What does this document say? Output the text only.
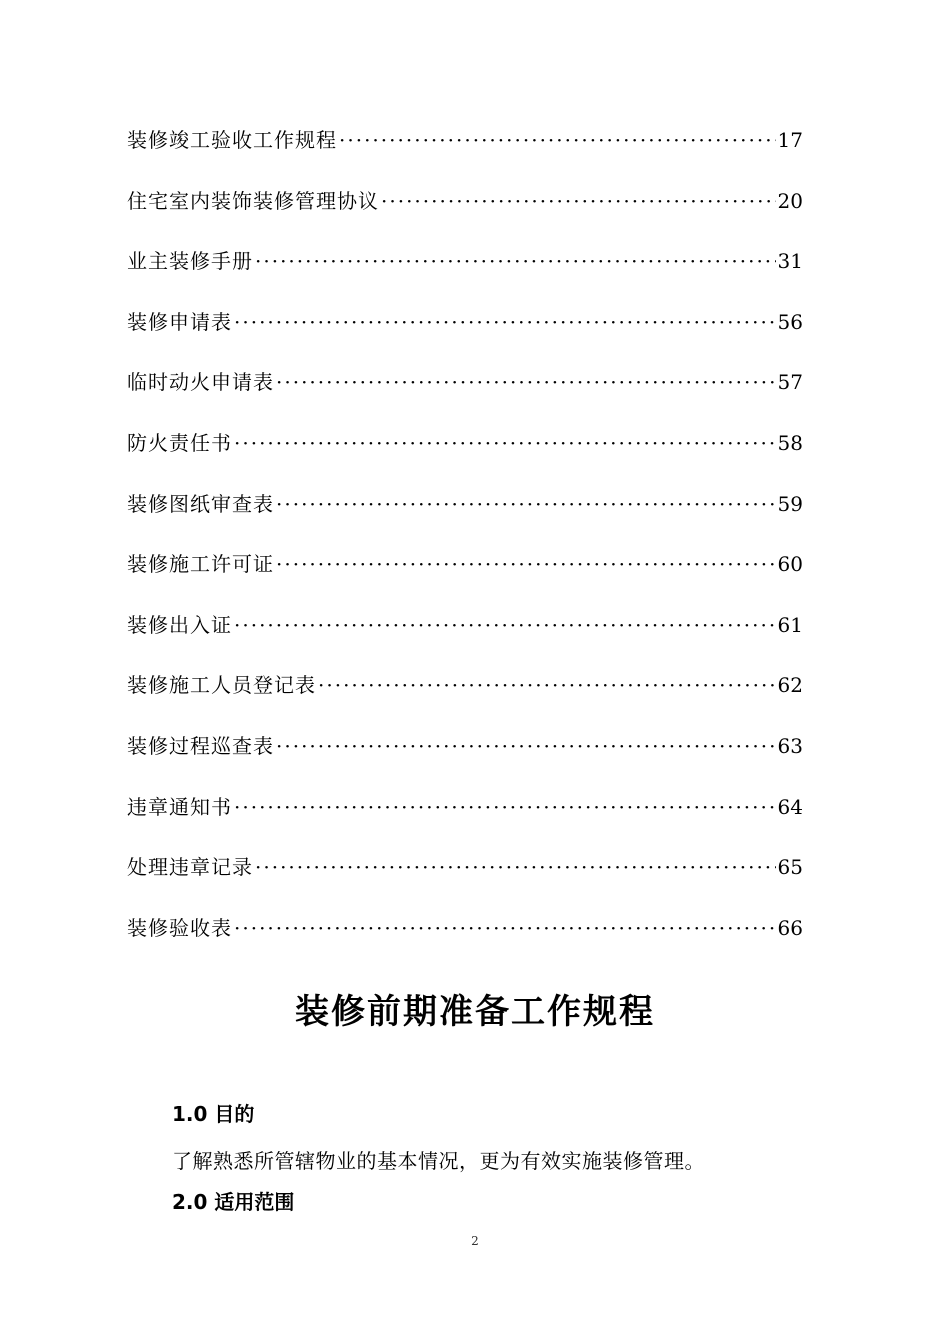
装修竣工验收工作规程 ·····	17
住宅室内装饰装修管理协议 ·····	20
业主装修手册 ·····	31
装修申请表 ·····	56
临时动火申请表 ·····	57
防火责任书 ·····	58
装修图纸审查表 ·····	59
装修施工许可证 ·····	60
装修出入证 ·····	61
装修施工人员登记表 ·····	62
装修过程巡查表 ·····	63
违章通知书 ·····	64
处理违章记录 ·····	65
装修验收表 ·····	66
装修前期准备工作规程
1.0 目的
了解熟悉所管辖物业的基本情况，更为有效实施装修管理。
2.0 适用范围
2
